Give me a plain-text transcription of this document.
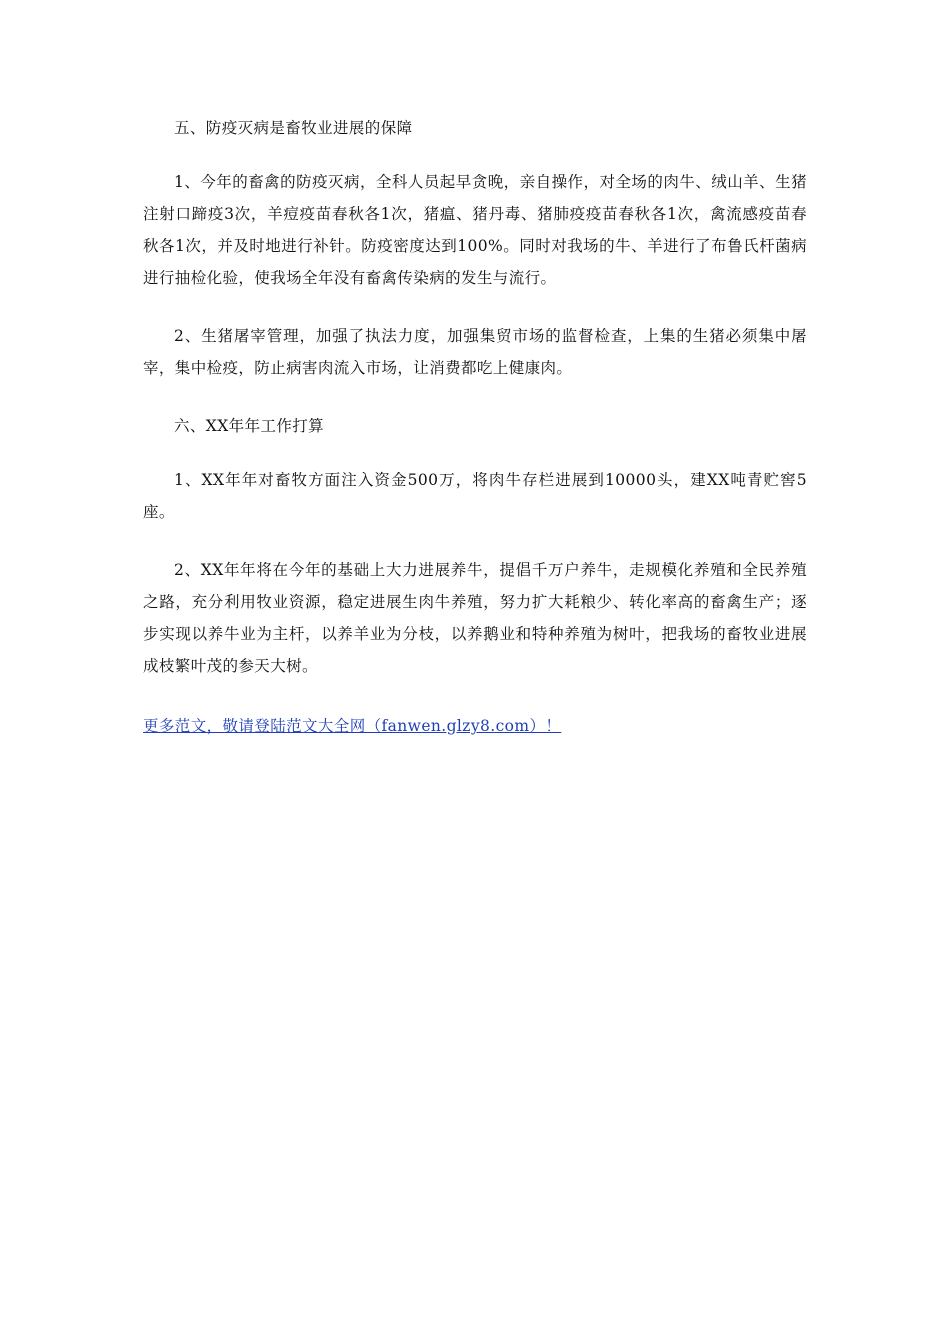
五、防疫灭病是畜牧业进展的保障

1、今年的畜禽的防疫灭病，全科人员起早贪晚，亲自操作，对全场的肉牛、绒山羊、生猪注射口蹄疫3次，羊痘疫苗春秋各1次，猪瘟、猪丹毒、猪肺疫疫苗春秋各1次，禽流感疫苗春秋各1次，并及时地进行补针。防疫密度达到100%。同时对我场的牛、羊进行了布鲁氏杆菌病进行抽检化验，使我场全年没有畜禽传染病的发生与流行。

2、生猪屠宰管理，加强了执法力度，加强集贸市场的监督检查，上集的生猪必须集中屠宰，集中检疫，防止病害肉流入市场，让消费都吃上健康肉。

六、XX年年工作打算

1、XX年年对畜牧方面注入资金500万，将肉牛存栏进展到10000头，建XX吨青贮窖5座。

2、XX年年将在今年的基础上大力进展养牛，提倡千万户养牛，走规模化养殖和全民养殖之路，充分利用牧业资源，稳定进展生肉牛养殖，努力扩大耗粮少、转化率高的畜禽生产；逐步实现以养牛业为主杆，以养羊业为分枝，以养鹅业和特种养殖为树叶，把我场的畜牧业进展成枝繁叶茂的参天大树。

更多范文，敬请登陆范文大全网（fanwen.glzy8.com）！
